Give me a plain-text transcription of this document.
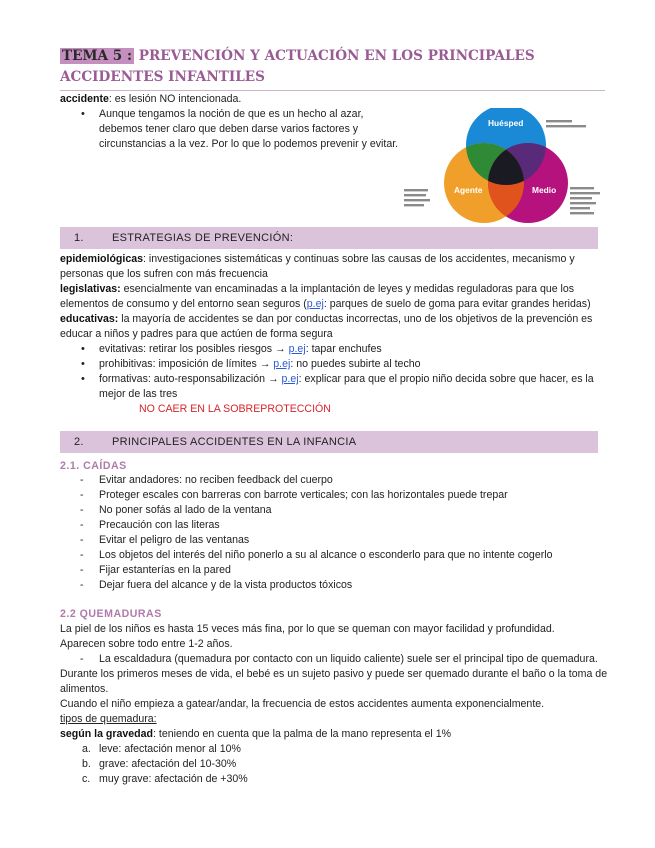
TEMA 5 : PREVENCIÓN Y ACTUACIÓN EN LOS PRINCIPALES ACCIDENTES INFANTILES
accidente: es lesión NO intencionada.
• Aunque tengamos la noción de que es un hecho al azar, debemos tener claro que deben darse varios factores y circunstancias a la vez. Por lo que lo podemos prevenir y evitar.
Huésped
Agente	Medio
1.	ESTRATEGIAS DE PREVENCIÓN:
epidemiológicas: investigaciones sistemáticas y continuas sobre las causas de los accidentes, mecanismo y personas que los sufren con más frecuencia
legislativas: esencialmente van encaminadas a la implantación de leyes y medidas reguladoras para que los elementos de consumo y del entorno sean seguros (p.ej: parques de suelo de goma para evitar grandes heridas)
educativas: la mayoría de accidentes se dan por conductas incorrectas, uno de los objetivos de la prevención es educar a niños y padres para que actúen de forma segura
• evitativas: retirar los posibles riesgos → p.ej: tapar enchufes
• prohibitivas: imposición de límites → p.ej: no puedes subirte al techo
• formativas: auto-responsabilización → p.ej: explicar para que el propio niño decida sobre que hacer, es la mejor de las tres
NO CAER EN LA SOBREPROTECCIÓN
2.	PRINCIPALES ACCIDENTES EN LA INFANCIA
2.1. CAÍDAS
- Evitar andadores: no reciben feedback del cuerpo
- Proteger escales con barreras con barrote verticales; con las horizontales puede trepar
- No poner sofás al lado de la ventana
- Precaución con las literas
- Evitar el peligro de las ventanas
- Los objetos del interés del niño ponerlo a su al alcance o esconderlo para que no intente cogerlo
- Fijar estanterías en la pared
- Dejar fuera del alcance y de la vista productos tóxicos
2.2 QUEMADURAS
La piel de los niños es hasta 15 veces más fina, por lo que se queman con mayor facilidad y profundidad.
Aparecen sobre todo entre 1-2 años.
- La escaldadura (quemadura por contacto con un liquido caliente) suele ser el principal tipo de quemadura.
Durante los primeros meses de vida, el bebé es un sujeto pasivo y puede ser quemado durante el baño o la toma de alimentos.
Cuando el niño empieza a gatear/andar, la frecuencia de estos accidentes aumenta exponencialmente.
tipos de quemadura:
según la gravedad: teniendo en cuenta que la palma de la mano representa el 1%
a. leve: afectación menor al 10%
b. grave: afectación del 10-30%
c. muy grave: afectación de +30%
